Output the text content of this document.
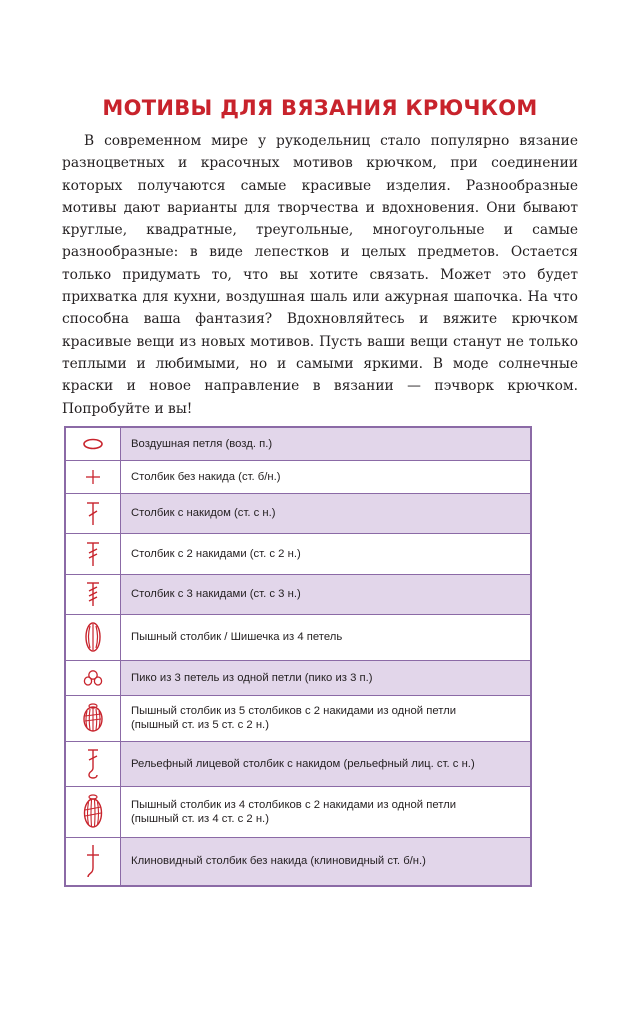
МОТИВЫ ДЛЯ ВЯЗАНИЯ КРЮЧКОМ

В современном мире у рукодельниц стало популярно вязание разноцветных и красочных мотивов крючком, при соединении которых получаются самые красивые изделия. Разнообразные мотивы дают варианты для творчества и вдохновения. Они бывают круглые, квадратные, треугольные, многоугольные и самые разнообразные: в виде лепестков и целых предметов. Остается только придумать то, что вы хотите связать. Может это будет прихватка для кухни, воздушная шаль или ажурная шапочка. На что способна ваша фантазия? Вдохновляйтесь и вяжите крючком красивые вещи из новых мотивов. Пусть ваши вещи станут не только теплыми и любимыми, но и самыми яркими. В моде солнечные краски и новое направление в вязании — пэчворк крючком. Попробуйте и вы!

Воздушная петля (возд. п.)

Столбик без накида (ст. б/н.)

Столбик с накидом (ст. с н.)

Столбик с 2 накидами (ст. с 2 н.)

Столбик с 3 накидами (ст. с 3 н.)

Пышный столбик / Шишечка из 4 петель

Пико из 3 петель из одной петли (пико из 3 п.)

Пышный столбик из 5 столбиков с 2 накидами из одной петли
(пышный ст. из 5 ст. с 2 н.)

Рельефный лицевой столбик с накидом (рельефный лиц. ст. с н.)

Пышный столбик из 4 столбиков с 2 накидами из одной петли
(пышный ст. из 4 ст. с 2 н.)

Клиновидный столбик без накида (клиновидный ст. б/н.)
